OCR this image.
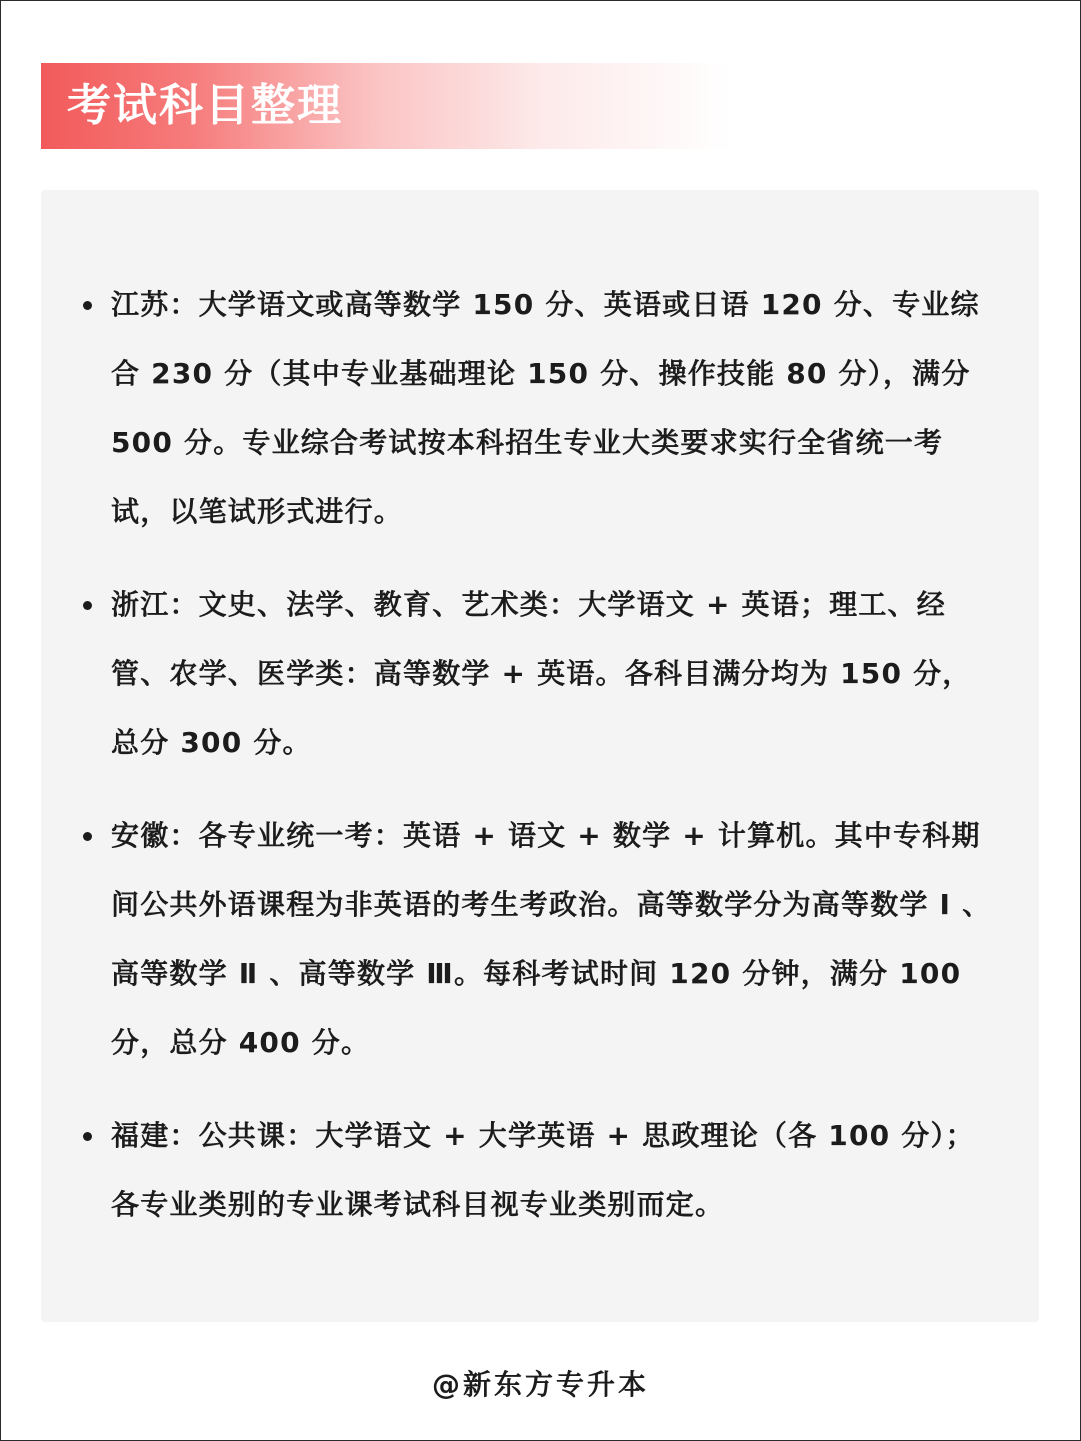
考试科目整理
江苏：大学语文或高等数学 150 分、英语或日语 120 分、专业综合 230 分（其中专业基础理论 150 分、操作技能 80 分），满分 500 分。专业综合考试按本科招生专业大类要求实行全省统一考试，以笔试形式进行。
浙江：文史、法学、教育、艺术类：大学语文 + 英语；理工、经管、农学、医学类：高等数学 + 英语。各科目满分均为 150 分，总分 300 分。
安徽：各专业统一考：英语 + 语文 + 数学 + 计算机。其中专科期间公共外语课程为非英语的考生考政治。高等数学分为高等数学 Ⅰ 、高等数学 Ⅱ 、高等数学 Ⅲ。每科考试时间 120 分钟，满分 100 分，总分 400 分。
福建：公共课：大学语文 + 大学英语 + 思政理论（各 100 分）；各专业类别的专业课考试科目视专业类别而定。
@新东方专升本
